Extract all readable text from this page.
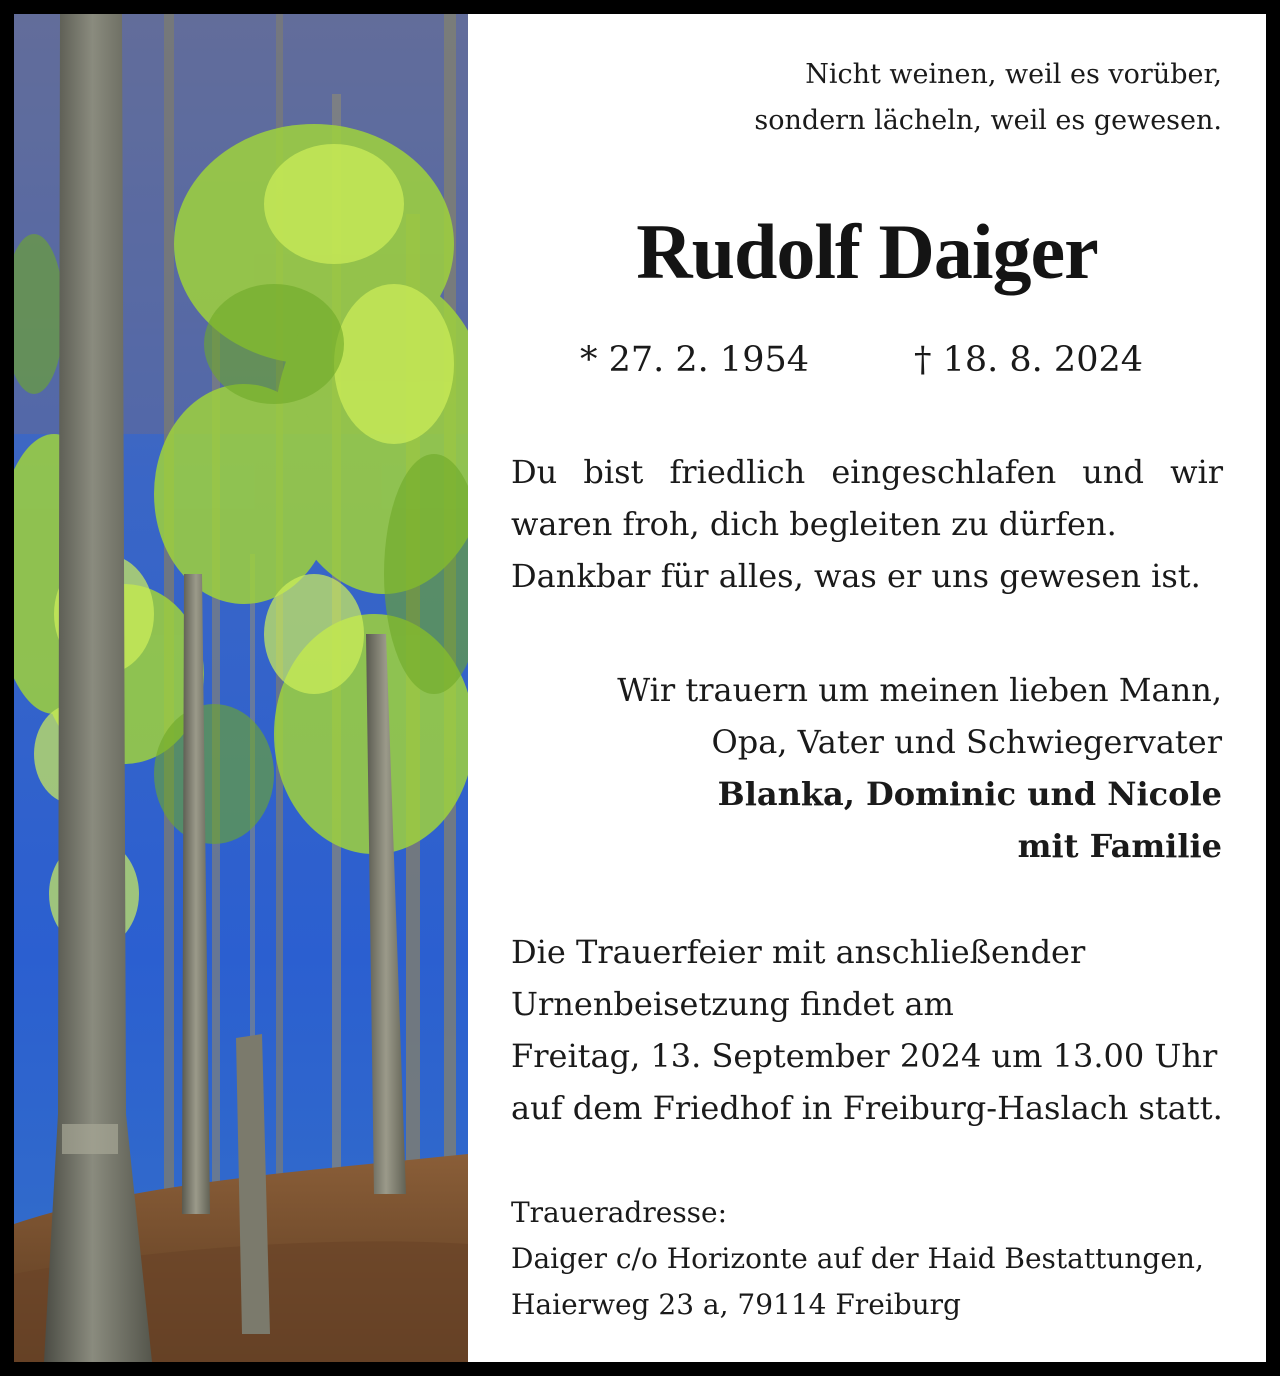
Nicht weinen, weil es vorüber,
sondern lächeln, weil es gewesen.
Rudolf Daiger
* 27. 2. 1954	† 18. 8. 2024
Du bist friedlich eingeschlafen und wir
waren froh, dich begleiten zu dürfen.
Dankbar für alles, was er uns gewesen ist.
Wir trauern um meinen lieben Mann,
Opa, Vater und Schwiegervater
Blanka, Dominic und Nicole
mit Familie
Die Trauerfeier mit anschließender
Urnenbeisetzung findet am
Freitag, 13. September 2024 um 13.00 Uhr
auf dem Friedhof in Freiburg-Haslach statt.
Traueradresse:
Daiger c/o Horizonte auf der Haid Bestattungen,
Haierweg 23 a, 79114 Freiburg
